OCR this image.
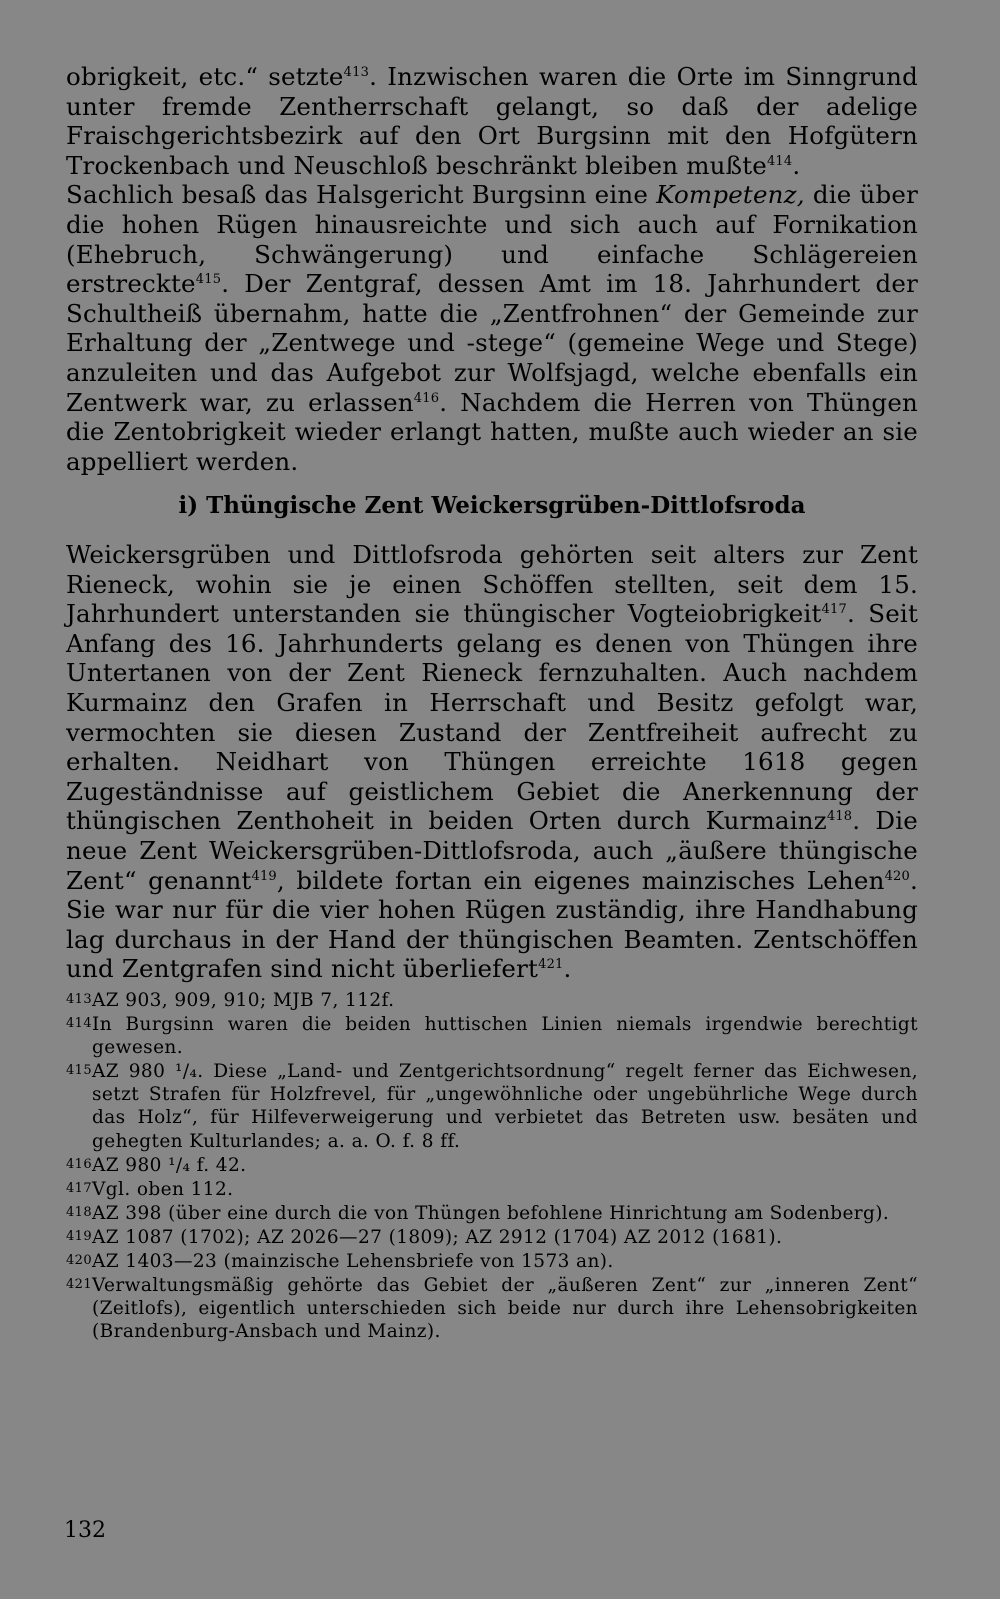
obrigkeit, etc.“ setzte$^{413}$. Inzwischen waren die Orte im Sinngrund unter fremde Zentherrschaft gelangt, so daß der adelige Fraischgerichtsbezirk auf den Ort Burgsinn mit den Hofgütern Trockenbach und Neuschloß beschränkt bleiben mußte$^{414}$.

Sachlich besaß das Halsgericht Burgsinn eine Kompetenz, die über die hohen Rügen hinausreichte und sich auch auf Fornikation (Ehebruch, Schwängerung) und einfache Schlägereien erstreckte$^{415}$. Der Zentgraf, dessen Amt im 18. Jahrhundert der Schultheiß übernahm, hatte die „Zentfrohnen“ der Gemeinde zur Erhaltung der „Zentwege und -stege“ (gemeine Wege und Stege) anzuleiten und das Aufgebot zur Wolfsjagd, welche ebenfalls ein Zentwerk war, zu erlassen$^{416}$. Nachdem die Herren von Thüngen die Zentobrigkeit wieder erlangt hatten, mußte auch wieder an sie appelliert werden.

i) Thüngische Zent Weickersgrüben-Dittlofsroda

Weickersgrüben und Dittlofsroda gehörten seit alters zur Zent Rieneck, wohin sie je einen Schöffen stellten, seit dem 15. Jahrhundert unterstanden sie thüngischer Vogteiobrigkeit$^{417}$. Seit Anfang des 16. Jahrhunderts gelang es denen von Thüngen ihre Untertanen von der Zent Rieneck fernzuhalten. Auch nachdem Kurmainz den Grafen in Herrschaft und Besitz gefolgt war, vermochten sie diesen Zustand der Zentfreiheit aufrecht zu erhalten. Neidhart von Thüngen erreichte 1618 gegen Zugeständnisse auf geistlichem Gebiet die Anerkennung der thüngischen Zenthoheit in beiden Orten durch Kurmainz$^{418}$. Die neue Zent Weickersgrüben-Dittlofsroda, auch „äußere thüngische Zent“ genannt$^{419}$, bildete fortan ein eigenes mainzisches Lehen$^{420}$. Sie war nur für die vier hohen Rügen zuständig, ihre Handhabung lag durchaus in der Hand der thüngischen Beamten. Zentschöffen und Zentgrafen sind nicht überliefert$^{421}$.

413AZ 903, 909, 910; MJB 7, 112f.

414In Burgsinn waren die beiden huttischen Linien niemals irgendwie berechtigt gewesen.

415AZ 980 ¹/₄. Diese „Land- und Zentgerichtsordnung“ regelt ferner das Eichwesen, setzt Strafen für Holzfrevel, für „ungewöhnliche oder ungebührliche Wege durch das Holz“, für Hilfeverweigerung und verbietet das Betreten usw. besäten und gehegten Kulturlandes; a. a. O. f. 8 ff.

416AZ 980 ¹/₄ f. 42.

417Vgl. oben 112.

418AZ 398 (über eine durch die von Thüngen befohlene Hinrichtung am Sodenberg).

419AZ 1087 (1702); AZ 2026—27 (1809); AZ 2912 (1704) AZ 2012 (1681).

420AZ 1403—23 (mainzische Lehensbriefe von 1573 an).

421Verwaltungsmäßig gehörte das Gebiet der „äußeren Zent“ zur „inneren Zent“ (Zeitlofs), eigentlich unterschieden sich beide nur durch ihre Lehensobrigkeiten (Brandenburg-Ansbach und Mainz).

132
